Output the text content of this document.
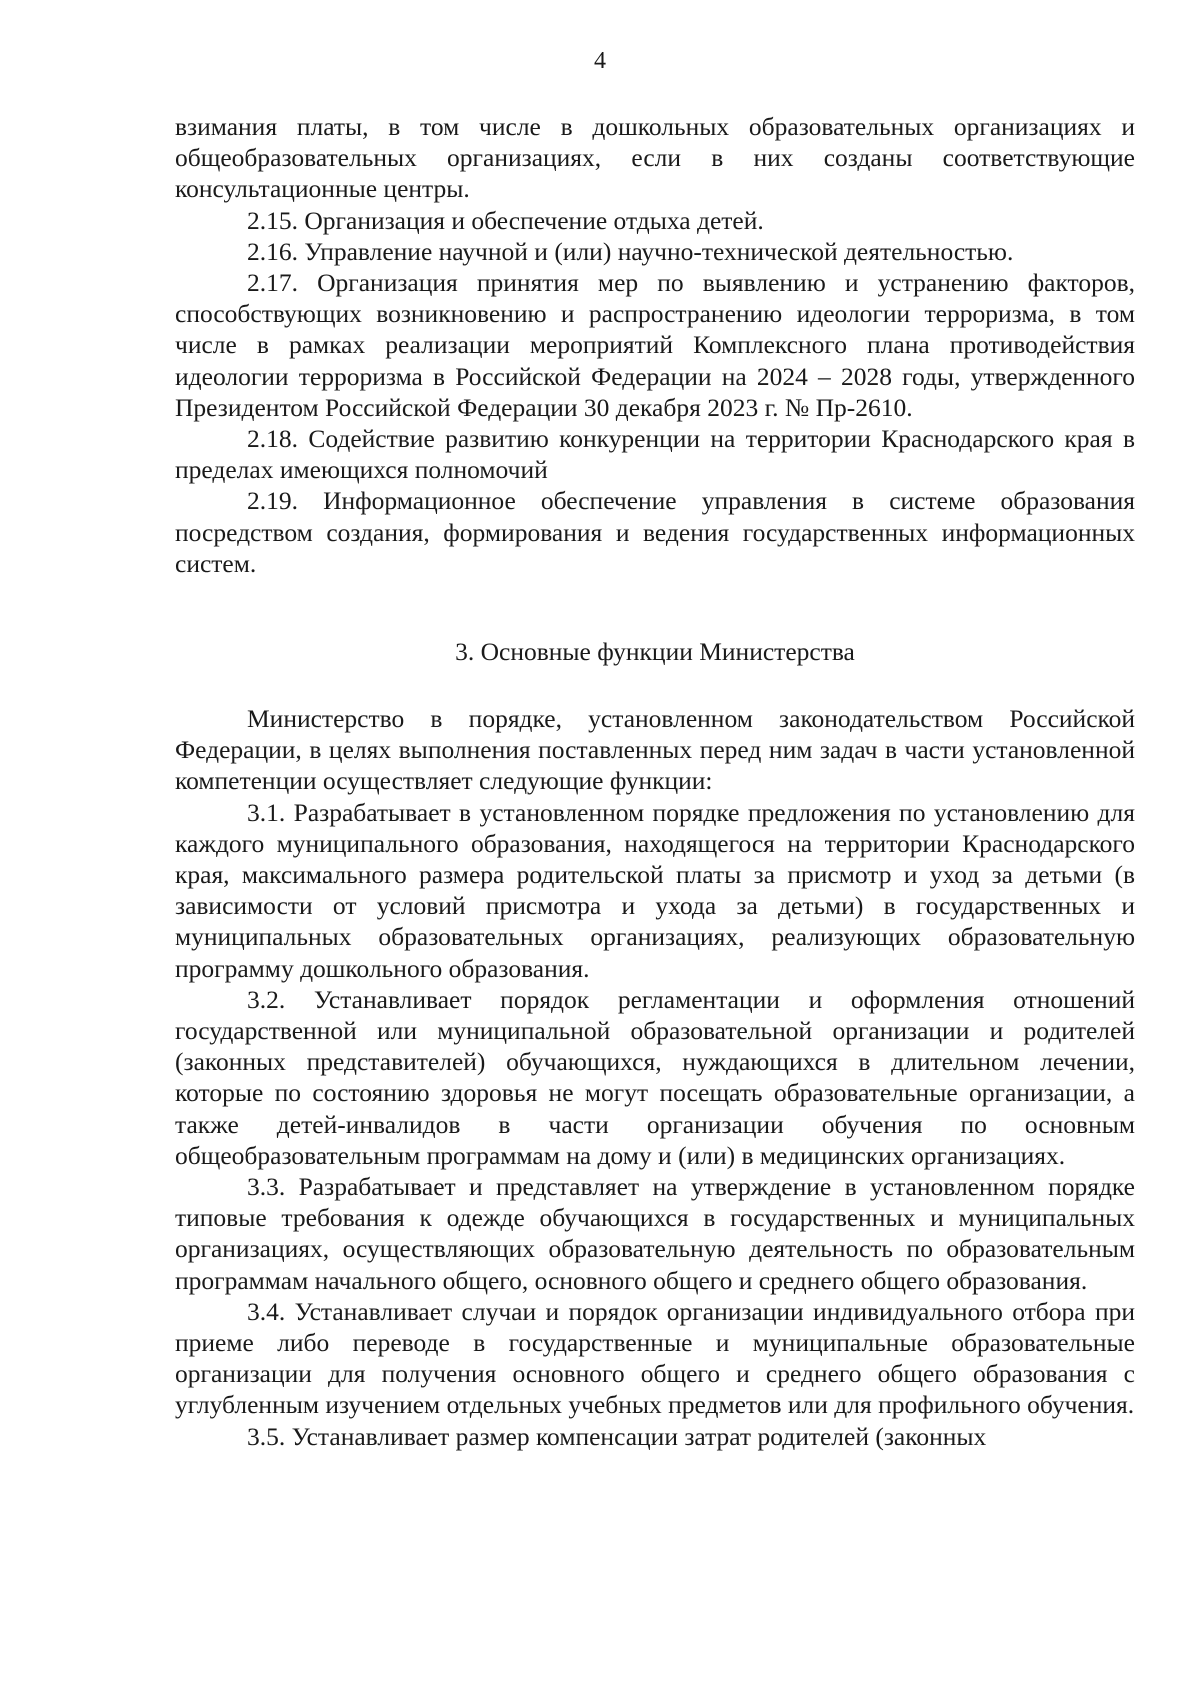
4

взимания платы, в том числе в дошкольных образовательных организациях и общеобразовательных организациях, если в них созданы соответствующие консультационные центры.

2.15. Организация и обеспечение отдыха детей.

2.16. Управление научной и (или) научно-технической деятельностью.

2.17. Организация принятия мер по выявлению и устранению факторов, способствующих возникновению и распространению идеологии терроризма, в том числе в рамках реализации мероприятий Комплексного плана противодействия идеологии терроризма в Российской Федерации на 2024 – 2028 годы, утвержденного Президентом Российской Федерации 30 декабря 2023 г. № Пр-2610.

2.18. Содействие развитию конкуренции на территории Краснодарского края в пределах имеющихся полномочий

2.19. Информационное обеспечение управления в системе образования посредством создания, формирования и ведения государственных информационных систем.

3. Основные функции Министерства

Министерство в порядке, установленном законодательством Российской Федерации, в целях выполнения поставленных перед ним задач в части установленной компетенции осуществляет следующие функции:

3.1. Разрабатывает в установленном порядке предложения по установлению для каждого муниципального образования, находящегося на территории Краснодарского края, максимального размера родительской платы за присмотр и уход за детьми (в зависимости от условий присмотра и ухода за детьми) в государственных и муниципальных образовательных организациях, реализующих образовательную программу дошкольного образования.

3.2. Устанавливает порядок регламентации и оформления отношений государственной или муниципальной образовательной организации и родителей (законных представителей) обучающихся, нуждающихся в длительном лечении, которые по состоянию здоровья не могут посещать образовательные организации, а также детей-инвалидов в части организации обучения по основным общеобразовательным программам на дому и (или) в медицинских организациях.

3.3. Разрабатывает и представляет на утверждение в установленном порядке типовые требования к одежде обучающихся в государственных и муниципальных организациях, осуществляющих образовательную деятельность по образовательным программам начального общего, основного общего и среднего общего образования.

3.4. Устанавливает случаи и порядок организации индивидуального отбора при приеме либо переводе в государственные и муниципальные образовательные организации для получения основного общего и среднего общего образования с углубленным изучением отдельных учебных предметов или для профильного обучения.

3.5. Устанавливает размер компенсации затрат родителей (законных
